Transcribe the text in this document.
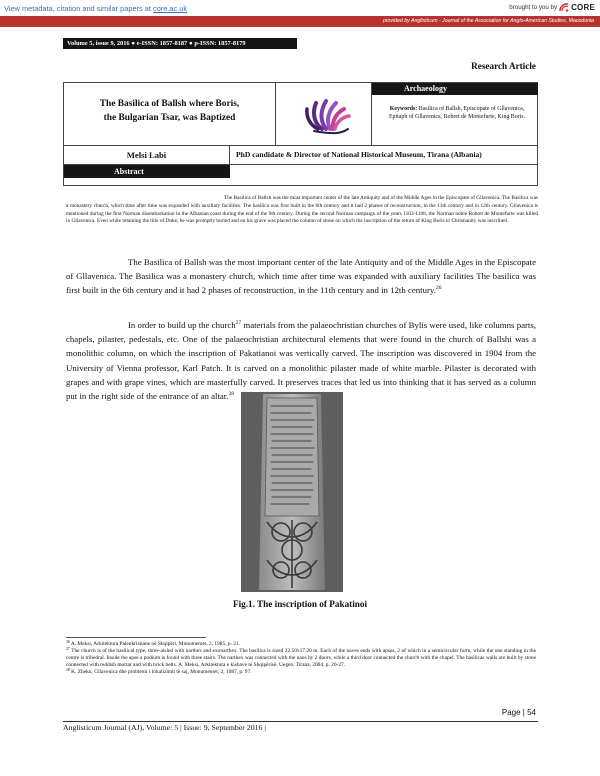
View metadata, citation and similar papers at core.ac.uk	brought to you by CORE
provided by Anglisticum - Journal of the Association for Anglo-American Studies, Macedonia
Volume 5, issue 9, 2016 ● e-ISSN: 1857-8187 ● p-ISSN: 1857-8179
Research Article
The Basilica of Ballsh where Boris,
the Bulgarian Tsar, was Baptized
Archaeology
Keywords: Basilica of Ballsh, Episcopate of Gllavenica, Epitaph of Gllavenica, Robret de Montefurte, King Boris.
Melsi Labi	PhD candidate & Director of National Historical Museum, Tirana (Albania)
Abstract
The Basilica of Ballsh was the most important center of the late Antiquity and of the Middle Ages in the Episcopate of Gllavenica. The Basilica was a monastery church, which time after time was expanded with auxiliary facilities. The basilica was first built in the 6th century and it had 2 phases of reconstruction, in the 11th century and in 12th century. Gllavenica is mentioned during the first Norman disembarkation in the Albanian coast during the end of the 9th century. During the second Norman campaign of the years 1103-1108, the Norman noble Robret de Montefurte was killed in Gllavenica. Even while retaining the title of Duke, he was promptly buried and on his grave was placed the column of stone on which the inscription of the return of King Boris to Christianity was inscribed.
The Basilica of Ballsh was the most important center of the late Antiquity and of the Middle Ages in the Episcopate of Gllavenica. The Basilica was a monastery church, which time after time was expanded with auxiliary facilities The basilica was first built in the 6th century and it had 2 phases of reconstruction, in the 11th century and in 12th century.$^{26}$
In order to build up the church$^{27}$ materials from the palaeochristian churches of Bylis were used, like columns parts, chapels, pilaster, pedestals, etc. One of the palaeochristian architectural elements that were found in the church of Ballshi was a monolithic column, on which the inscription of Pakatianoi was vertically carved. The inscription was discovered in 1904 from the University of Vienna professor, Karl Patch. It is carved on a monolithic pilaster made of white marble. Pilaster is decorated with grapes and with grape vines, which are masterfully carved. It preserves traces that led us into thinking that it has served as a column put in the right side of the entrance of an altar.$^{28}$
Fig.1. The inscription of Pakatinoi

$^{26}$ A. Meksi, Arkitektura Paleokristiane në Shqipëri, Monumentet, 2, 1985, p. 21.

$^{27}$ The church is of the basilical type, three-aisled with narthex and exonarthex. The basilica is sized 22.50x17.20 m. Each of the naves ends with apses, 2 of which in a semicircular form, while the one standing in the centre is trihedral. Inside the apse a podium is found with three stairs. The narthex was connected with the naos by 2 doors, while a third door connected the church with the chapel. The basilicas walls are built by stone connected with reddish mortar and with brick belts. A. Meksi, Arkitektura e kishave të Shqipërisë, Uegen, Tirana, 2004, p. 26-27.

$^{28}$ K. Zheku, Gllavenica dhe problemi i lokalizimit të saj, Monumentet, 2, 1987, p. 97.

Page | 54
Anglisticum Journal (AJ), Volume: 5 | Issue: 9, September 2016 |
